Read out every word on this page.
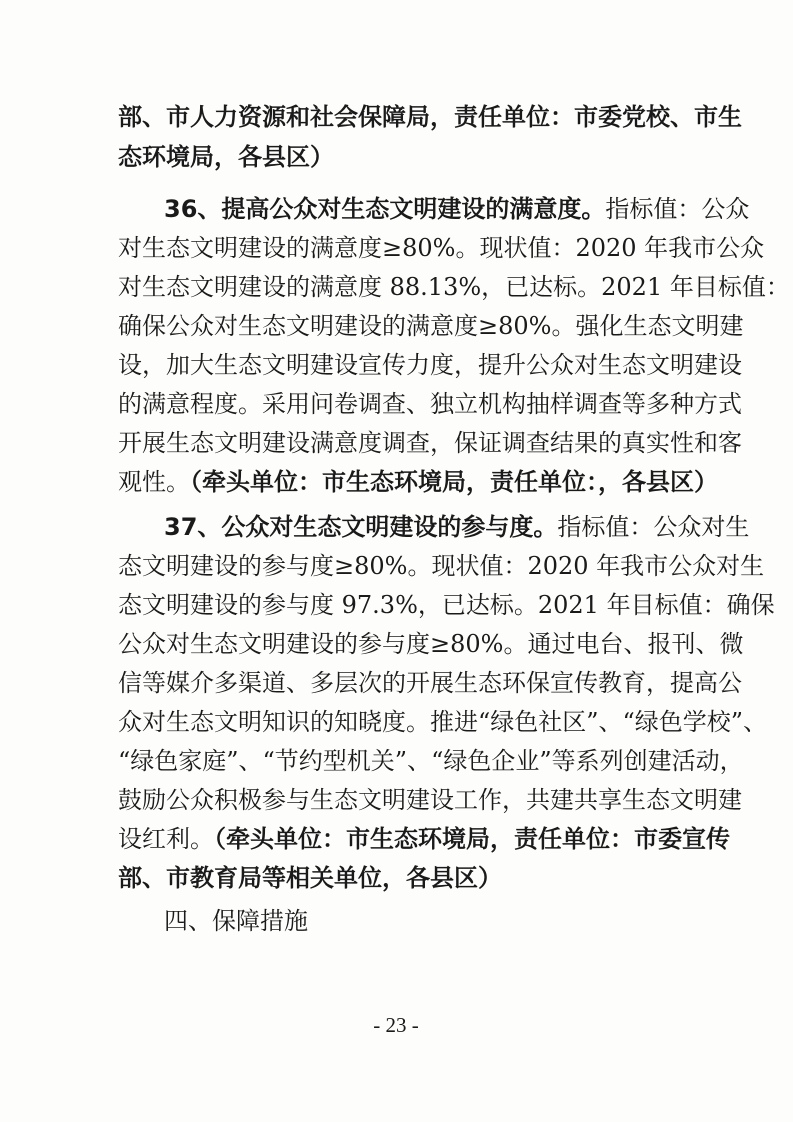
部、市人力资源和社会保障局，责任单位：市委党校、市生
态环境局，各县区）
36、提高公众对生态文明建设的满意度。指标值：公众
对生态文明建设的满意度≥80%。现状值：2020 年我市公众
对生态文明建设的满意度 88.13%，已达标。2021 年目标值：
确保公众对生态文明建设的满意度≥80%。强化生态文明建
设，加大生态文明建设宣传力度，提升公众对生态文明建设
的满意程度。采用问卷调查、独立机构抽样调查等多种方式
开展生态文明建设满意度调查，保证调查结果的真实性和客
观性。（牵头单位：市生态环境局，责任单位：，各县区）
37、公众对生态文明建设的参与度。指标值：公众对生
态文明建设的参与度≥80%。现状值：2020 年我市公众对生
态文明建设的参与度 97.3%，已达标。2021 年目标值：确保
公众对生态文明建设的参与度≥80%。通过电台、报刊、微
信等媒介多渠道、多层次的开展生态环保宣传教育，提高公
众对生态文明知识的知晓度。推进“绿色社区”、“绿色学校”、
“绿色家庭”、“节约型机关”、“绿色企业”等系列创建活动，
鼓励公众积极参与生态文明建设工作，共建共享生态文明建
设红利。（牵头单位：市生态环境局，责任单位：市委宣传
部、市教育局等相关单位，各县区）
四、保障措施
- 23 -
